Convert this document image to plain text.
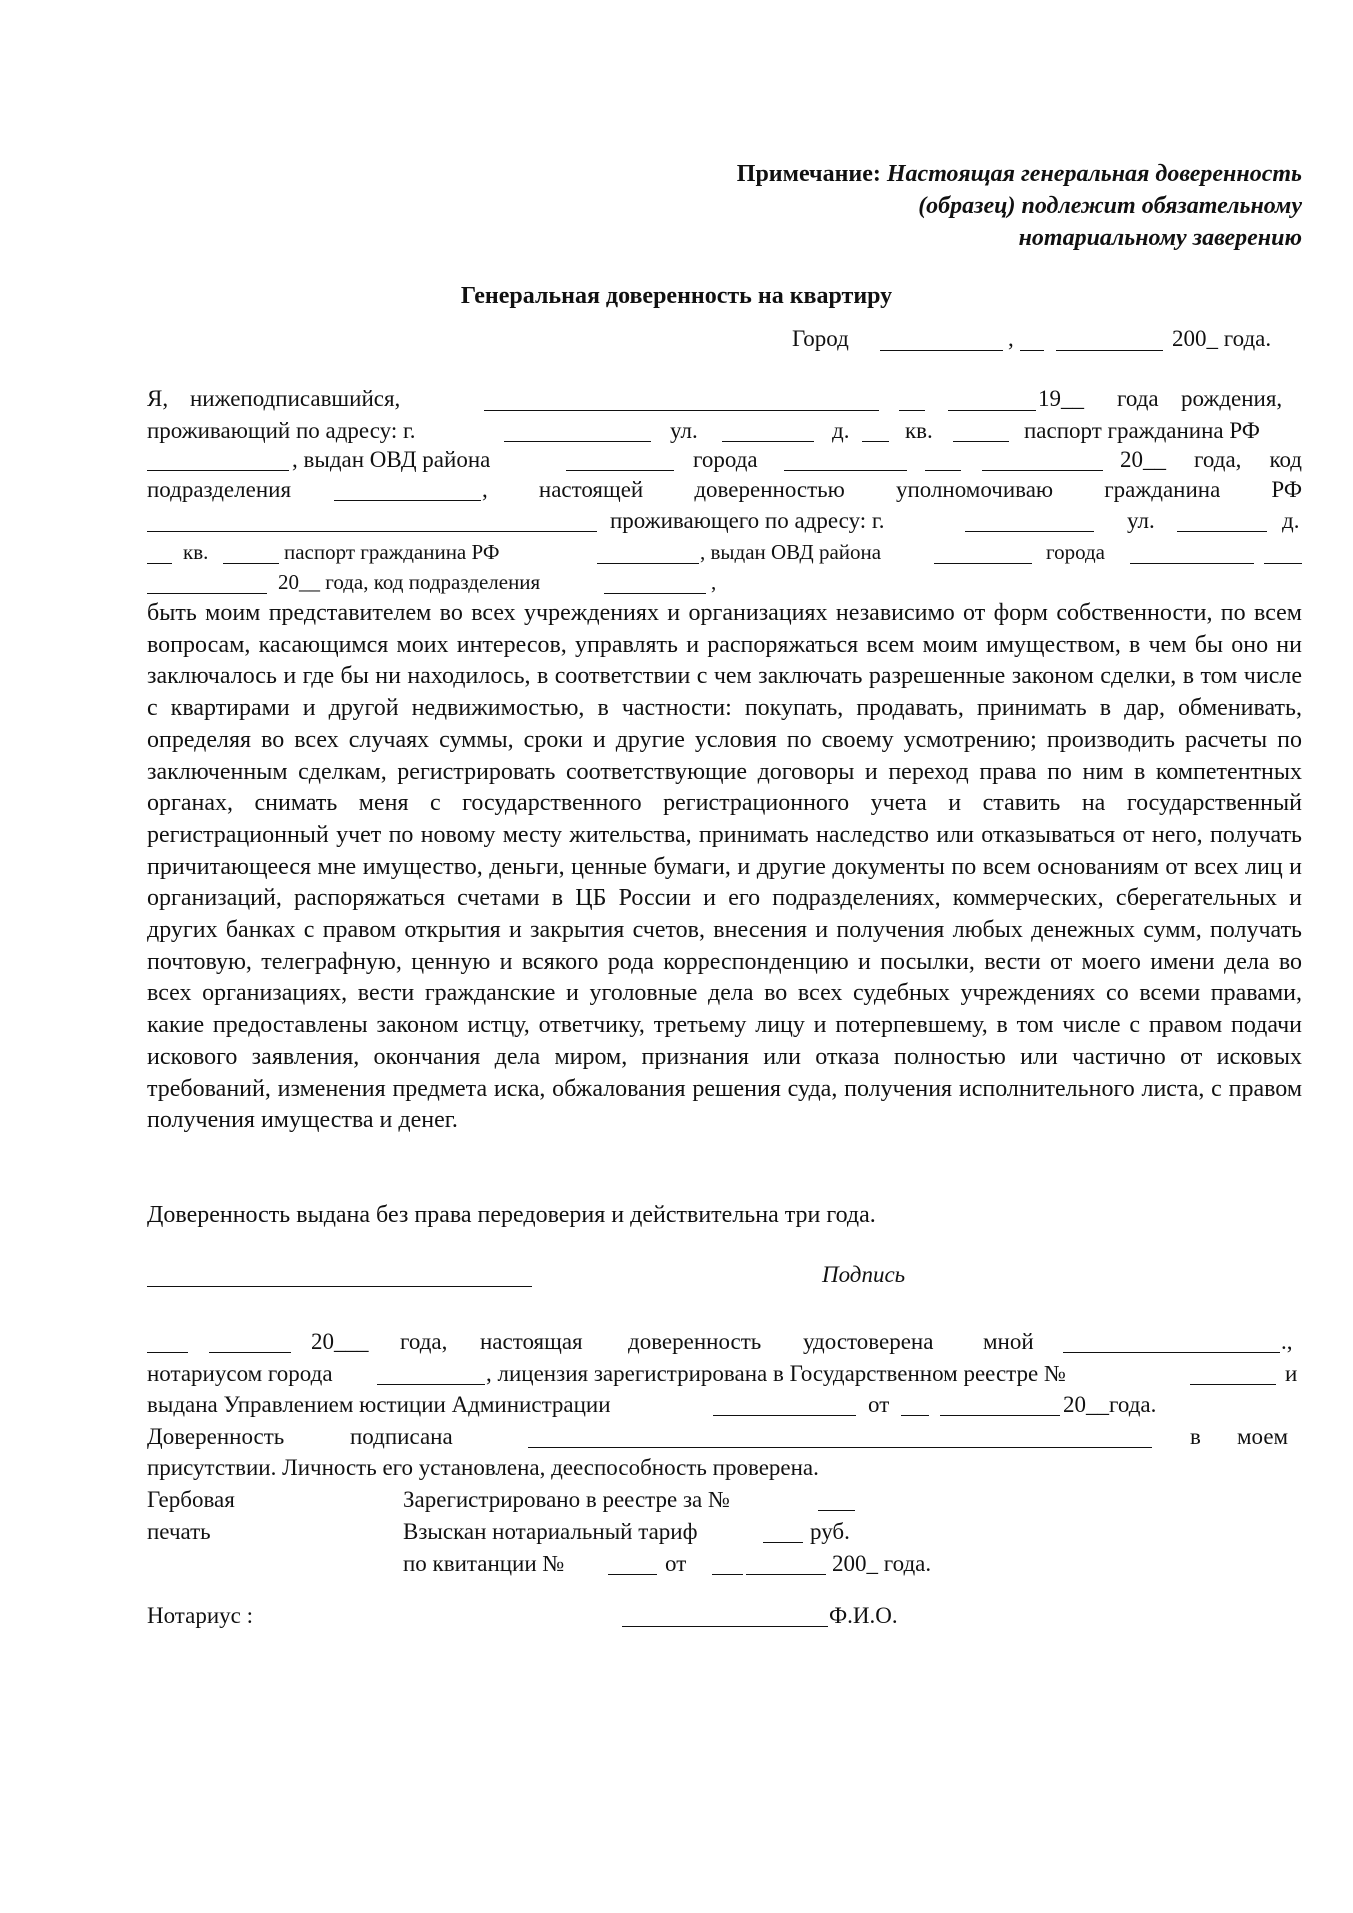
Примечание: Настоящая генеральная доверенность
(образец) подлежит обязательному
нотариальному заверению
Генеральная доверенность на квартиру
Город	,	200_ года.
Я, нижеподписавшийся,	19__ года рождения,
проживающий по адресу: г.	ул.	д. кв.	паспорт гражданина РФ
, выдан ОВД района	города	20__ года, код
подразделения	, настоящей доверенностью уполномочиваю гражданина РФ
проживающего по адресу: г.	ул.	д.
кв.	паспорт гражданина РФ	, выдан ОВД района	города
20__ года, код подразделения	,
быть моим представителем во всех учреждениях и организациях независимо от форм собственности, по всем вопросам, касающимся моих интересов, управлять и распоряжаться всем моим имуществом, в чем бы оно ни заключалось и где бы ни находилось, в соответствии с чем заключать разрешенные законом сделки, в том числе с квартирами и другой недвижимостью, в частности: покупать, продавать, принимать в дар, обменивать, определяя во всех случаях суммы, сроки и другие условия по своему усмотрению; производить расчеты по заключенным сделкам, регистрировать соответствующие договоры и переход права по ним в компетентных органах, снимать меня с государственного регистрационного учета и ставить на государственный регистрационный учет по новому месту жительства, принимать наследство или отказываться от него, получать причитающееся мне имущество, деньги, ценные бумаги, и другие документы по всем основаниям от всех лиц и организаций, распоряжаться счетами в ЦБ России и его подразделениях, коммерческих, сберегательных и других банках с правом открытия и закрытия счетов, внесения и получения любых денежных сумм, получать почтовую, телеграфную, ценную и всякого рода корреспонденцию и посылки, вести от моего имени дела во всех организациях, вести гражданские и уголовные дела во всех судебных учреждениях со всеми правами, какие предоставлены законом истцу, ответчику, третьему лицу и потерпевшему, в том числе с правом подачи искового заявления, окончания дела миром, признания или отказа полностью или частично от исковых требований, изменения предмета иска, обжалования решения суда, получения исполнительного листа, с правом получения имущества и денег.
Доверенность выдана без права передоверия и действительна три года.
Подпись
20___ года, настоящая доверенность удостоверена мной	.,
нотариусом города	, лицензия зарегистрирована в Государственном реестре №	и
выдана Управлением юстиции Администрации	от	20__года.
Доверенность	подписана	в моем
присутствии. Личность его установлена, дееспособность проверена.
Гербовая
печать
Зарегистрировано в реестре за №
Взыскан нотариальный тариф	руб.
по квитанции №	от	200_ года.
Нотариус :	Ф.И.О.
